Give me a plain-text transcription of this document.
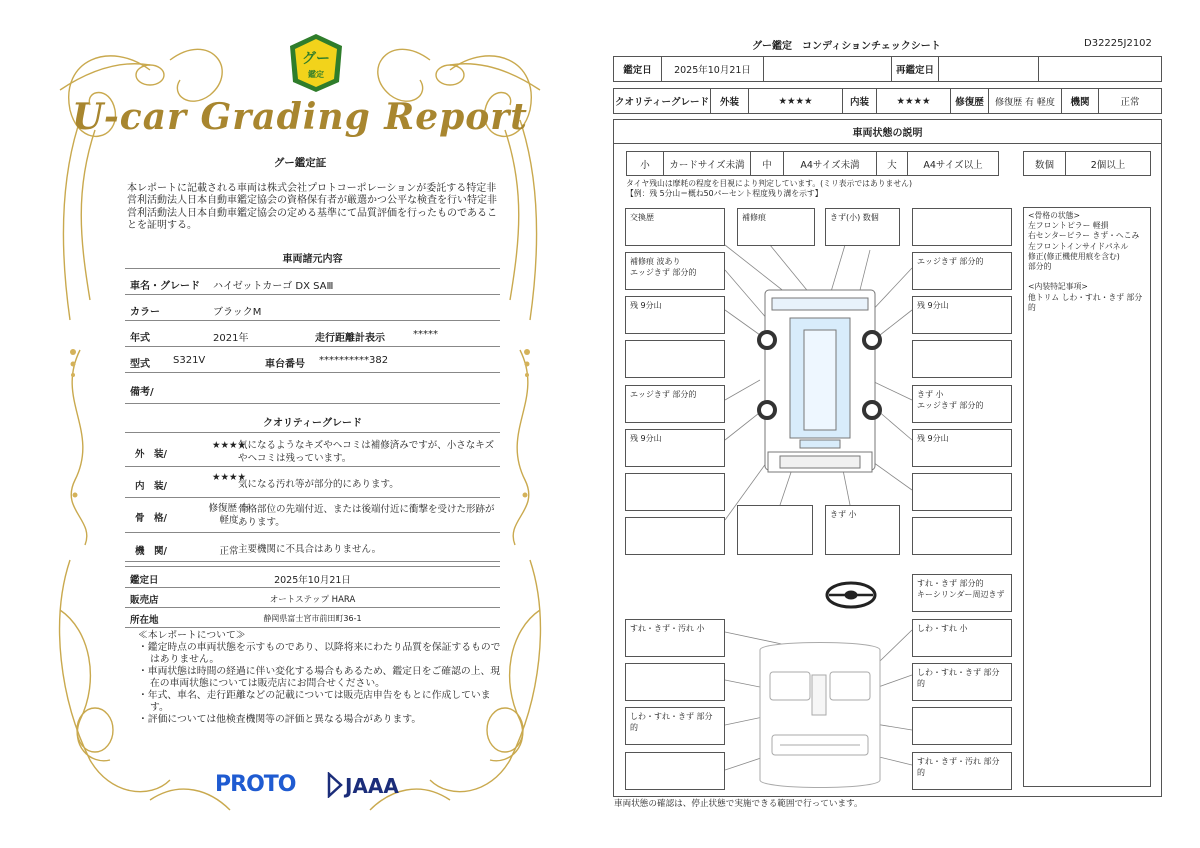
グー
鑑定
U-car Grading Report
グー鑑定証
本レポートに記載される車両は株式会社プロトコーポレーションが委託する特定非営利活動法人日本自動車鑑定協会の資格保有者が厳選かつ公平な検査を行い特定非営利活動法人日本自動車鑑定協会の定める基準にて品質評価を行ったものであることを証明する。
車両諸元内容
車名・グレード ハイゼットカーゴ DX SAⅢ
カラー	ブラックM
年式	2021年	走行距離計表示	*****
型式 S321V	車台番号 **********382
備考/
クオリティーグレード
外　装/
★★★★
気になるようなキズやヘコミは補修済みですが、小さなキズやヘコミは残っています。
内　装/
★★★★
気になる汚れ等が部分的にあります。
骨　格/
修復歴 有
軽度
骨格部位の先端付近、または後端付近に衝撃を受けた形跡があります。
機　関/	正常 主要機関に不具合はありません。
鑑定日	2025年10月21日
販売店	オートステップ HARA
所在地	静岡県富士宮市前田町36-1
≪本レポートについて≫
・鑑定時点の車両状態を示すものであり、以降将来にわたり品質を保証するものではありません。
・車両状態は時間の経過に伴い変化する場合もあるため、鑑定日をご確認の上、現在の車両状態については販売店にお問合せください。
・年式、車名、走行距離などの記載については販売店申告をもとに作成しています。
・評価については他検査機関等の評価と異なる場合があります。
PROTO JAAA
グー鑑定　コンディションチェックシート	D32225J2102
鑑定日	2025年10月21日	再鑑定日
クオリティーグレード	外装	★★★★	内装	★★★★	修復歴	修復歴 有 軽度	機関	正常
車両状態の説明
小	カードサイズ未満	中	A4サイズ未満	大	A4サイズ以上	数個	2個以上
タイヤ残山は摩耗の程度を目視により判定しています。(ミリ表示ではありません)
【例：残 5分山＝概ね50パーセント程度残り溝を示す】
交換歴	補修痕	きず(小) 数個
補修痕 波あり
エッジきず 部分的
エッジきず 部分的
残 9分山	残 9分山
エッジきず 部分的	きず 小
エッジきず 部分的
残 9分山	残 9分山
きず 小
すれ・きず 部分的
キーシリンダー周辺きず
すれ・きず・汚れ 小	しわ・すれ 小
しわ・すれ・きず 部分的
しわ・すれ・きず 部分的
すれ・きず・汚れ 部分的
<骨格の状態>
左フロントピラー 軽損
右センターピラー きず・へこみ
左フロントインサイドパネル
修正(修正機使用痕を含む)
部分的

<内装特記事項>
他トリム しわ・すれ・きず 部分的
車両状態の確認は、停止状態で実施できる範囲で行っています。
